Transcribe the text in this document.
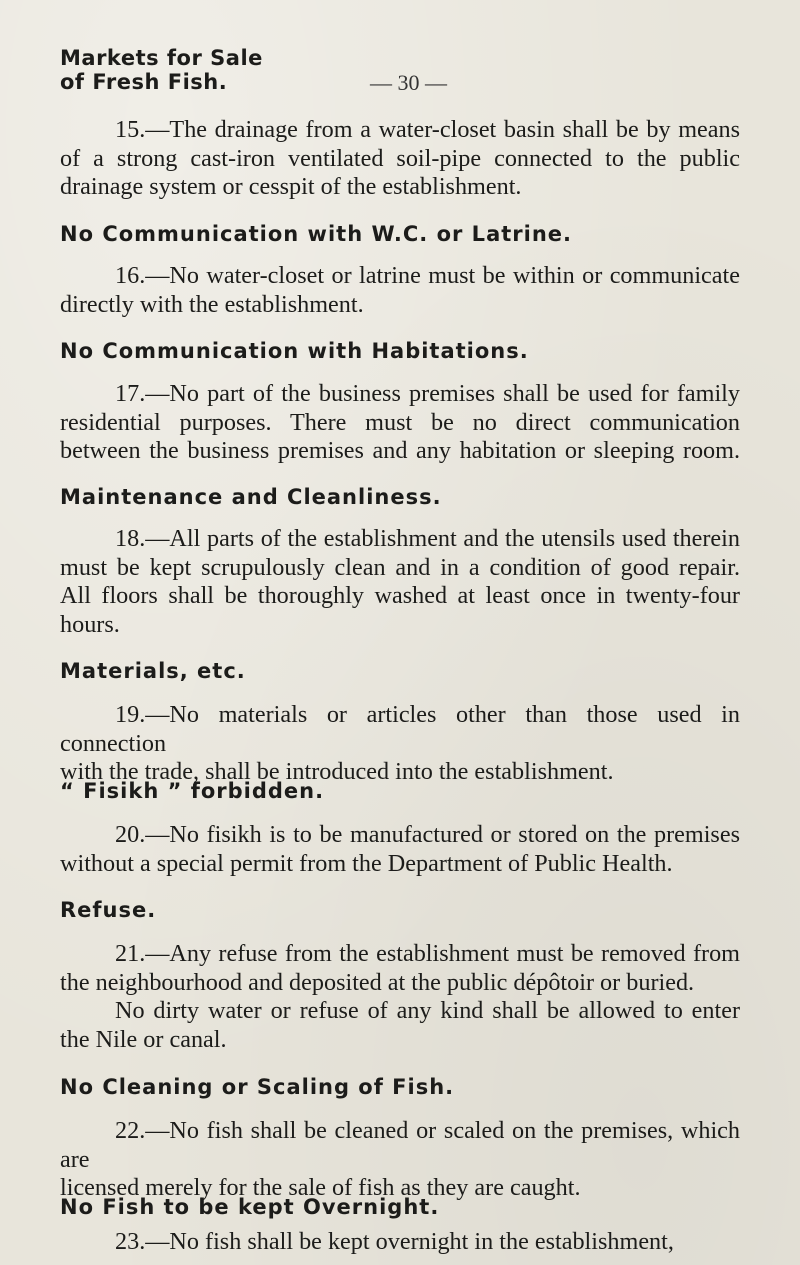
Markets for Sale
of Fresh Fish.	— 30 —
15.—The drainage from a water-closet basin shall be by means
of a strong cast-iron ventilated soil-pipe connected to the public
drainage system or cesspit of the establishment.
No Communication with W.C. or Latrine.
16.—No water-closet or latrine must be within or communicate
directly with the establishment.
No Communication with Habitations.
17.—No part of the business premises shall be used for family
residential purposes. There must be no direct communication
between the business premises and any habitation or sleeping room.
Maintenance and Cleanliness.
18.—All parts of the establishment and the utensils used therein
must be kept scrupulously clean and in a condition of good repair.
All floors shall be thoroughly washed at least once in twenty-four
hours.
Materials, etc.
19.—No materials or articles other than those used in connection
with the trade, shall be introduced into the establishment.
“ Fisikh ” forbidden.
20.—No fisikh is to be manufactured or stored on the premises
without a special permit from the Department of Public Health.
Refuse.
21.—Any refuse from the establishment must be removed from
the neighbourhood and deposited at the public dépôtoir or buried.
No dirty water or refuse of any kind shall be allowed to enter
the Nile or canal.
No Cleaning or Scaling of Fish.
22.—No fish shall be cleaned or scaled on the premises, which are
licensed merely for the sale of fish as they are caught.
No Fish to be kept Overnight.
23.—No fish shall be kept overnight in the establishment,
